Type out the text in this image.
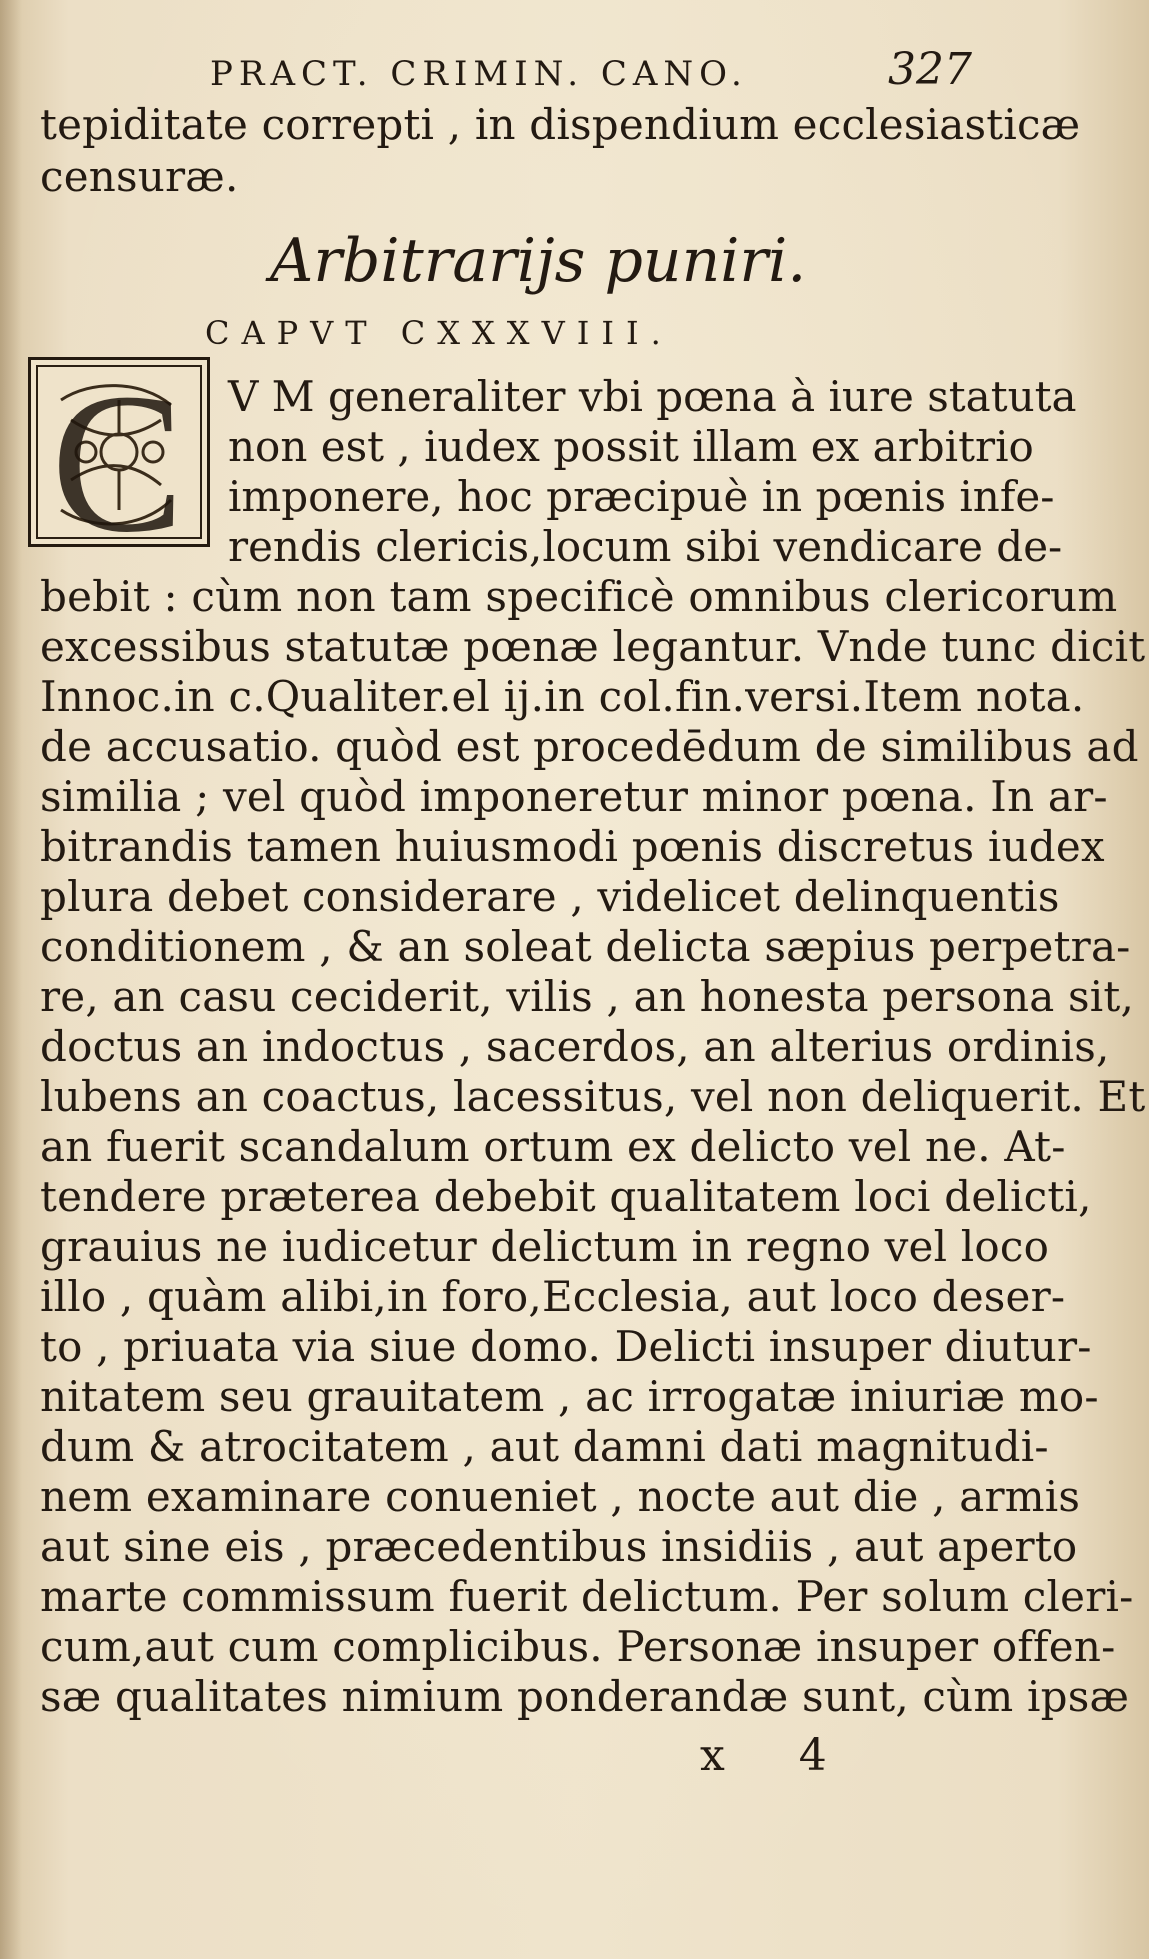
PRACT. CRIMIN. CANO.	327
tepiditate correpti , in dispendium ecclesiasticæ
censuræ.
Arbitrarijs puniri.
CAPVT CXXXVIII.
C V M generaliter vbi pœna à iure statuta
non est , iudex possit illam ex arbitrio
imponere, hoc præcipuè in pœnis infe-
rendis clericis,locum sibi vendicare de-
bebit : cùm non tam specificè omnibus clericorum
excessibus statutæ pœnæ legantur. Vnde tunc dicit
Innoc.in c.Qualiter.el ij.in col.fin.versi.Item nota.
de accusatio. quòd est procedēdum de similibus ad
similia ; vel quòd imponeretur minor pœna. In ar-
bitrandis tamen huiusmodi pœnis discretus iudex
plura debet considerare , videlicet delinquentis
conditionem , & an soleat delicta sæpius perpetra-
re, an casu ceciderit, vilis , an honesta persona sit,
doctus an indoctus , sacerdos, an alterius ordinis,
lubens an coactus, lacessitus, vel non deliquerit. Et
an fuerit scandalum ortum ex delicto vel ne. At-
tendere præterea debebit qualitatem loci delicti,
grauius ne iudicetur delictum in regno vel loco
illo , quàm alibi,in foro,Ecclesia, aut loco deser-
to , priuata via siue domo. Delicti insuper diutur-
nitatem seu grauitatem , ac irrogatæ iniuriæ mo-
dum & atrocitatem , aut damni dati magnitudi-
nem examinare conueniet , nocte aut die , armis
aut sine eis , præcedentibus insidiis , aut aperto
marte commissum fuerit delictum. Per solum cleri-
cum,aut cum complicibus. Personæ insuper offen-
sæ qualitates nimium ponderandæ sunt, cùm ipsæ
x 4
